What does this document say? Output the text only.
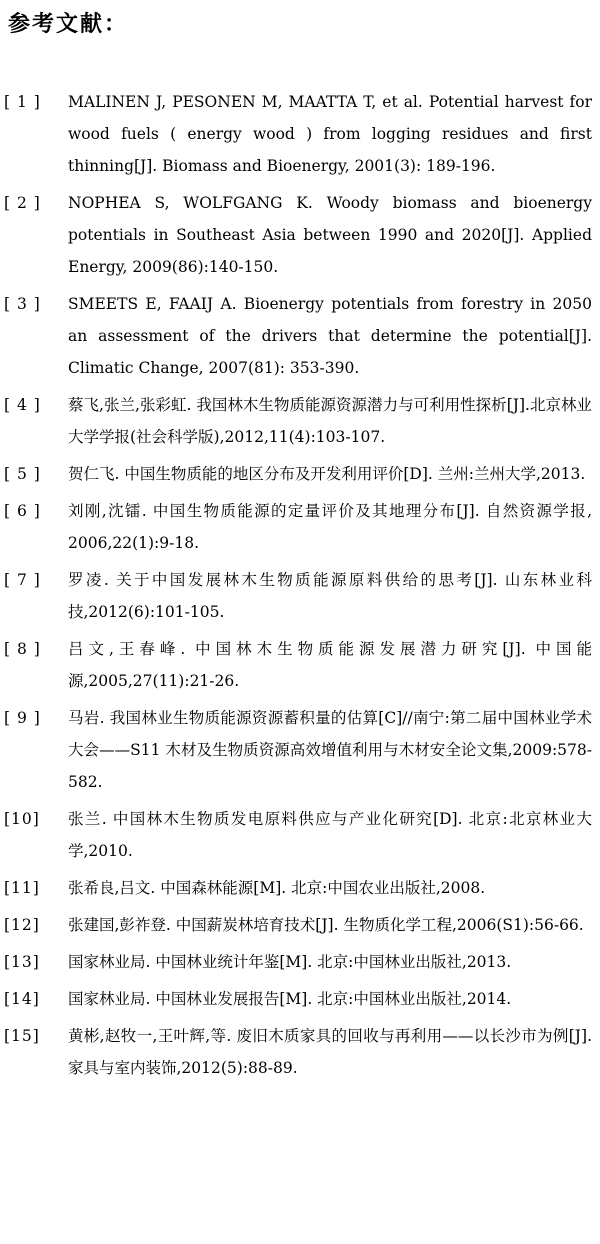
参考文献：
[ 1 ]	MALINEN J, PESONEN M, MAATTA T, et al. Potential harvest for wood fuels ( energy wood ) from logging residues and first thinning[J]. Biomass and Bioenergy, 2001(3): 189-196.
[ 2 ]	NOPHEA S, WOLFGANG K. Woody biomass and bioenergy potentials in Southeast Asia between 1990 and 2020[J]. Applied Energy, 2009(86):140-150.
[ 3 ]	SMEETS E, FAAIJ A. Bioenergy potentials from forestry in 2050 an assessment of the drivers that determine the potential[J]. Climatic Change, 2007(81): 353-390.
[ 4 ]	蔡飞,张兰,张彩虹. 我国林木生物质能源资源潜力与可利用性探析[J].北京林业大学学报(社会科学版),2012,11(4):103-107.
[ 5 ]	贺仁飞. 中国生物质能的地区分布及开发利用评价[D]. 兰州:兰州大学,2013.
[ 6 ]	刘刚,沈镭. 中国生物质能源的定量评价及其地理分布[J]. 自然资源学报, 2006,22(1):9-18.
[ 7 ]	罗凌. 关于中国发展林木生物质能源原料供给的思考[J]. 山东林业科技,2012(6):101-105.
[ 8 ]	吕文,王春峰. 中国林木生物质能源发展潜力研究[J]. 中国能源,2005,27(11):21-26.
[ 9 ]	马岩. 我国林业生物质能源资源蓄积量的估算[C]//南宁:第二届中国林业学术大会——S11 木材及生物质资源高效增值利用与木材安全论文集,2009:578-582.
[10]	张兰. 中国林木生物质发电原料供应与产业化研究[D]. 北京:北京林业大学,2010.
[11]	张希良,吕文. 中国森林能源[M]. 北京:中国农业出版社,2008.
[12]	张建国,彭祚登. 中国薪炭林培育技术[J]. 生物质化学工程,2006(S1):56-66.
[13]	国家林业局. 中国林业统计年鉴[M]. 北京:中国林业出版社,2013.
[14]	国家林业局. 中国林业发展报告[M]. 北京:中国林业出版社,2014.
[15]	黄彬,赵牧一,王叶辉,等. 废旧木质家具的回收与再利用——以长沙市为例[J]. 家具与室内装饰,2012(5):88-89.
